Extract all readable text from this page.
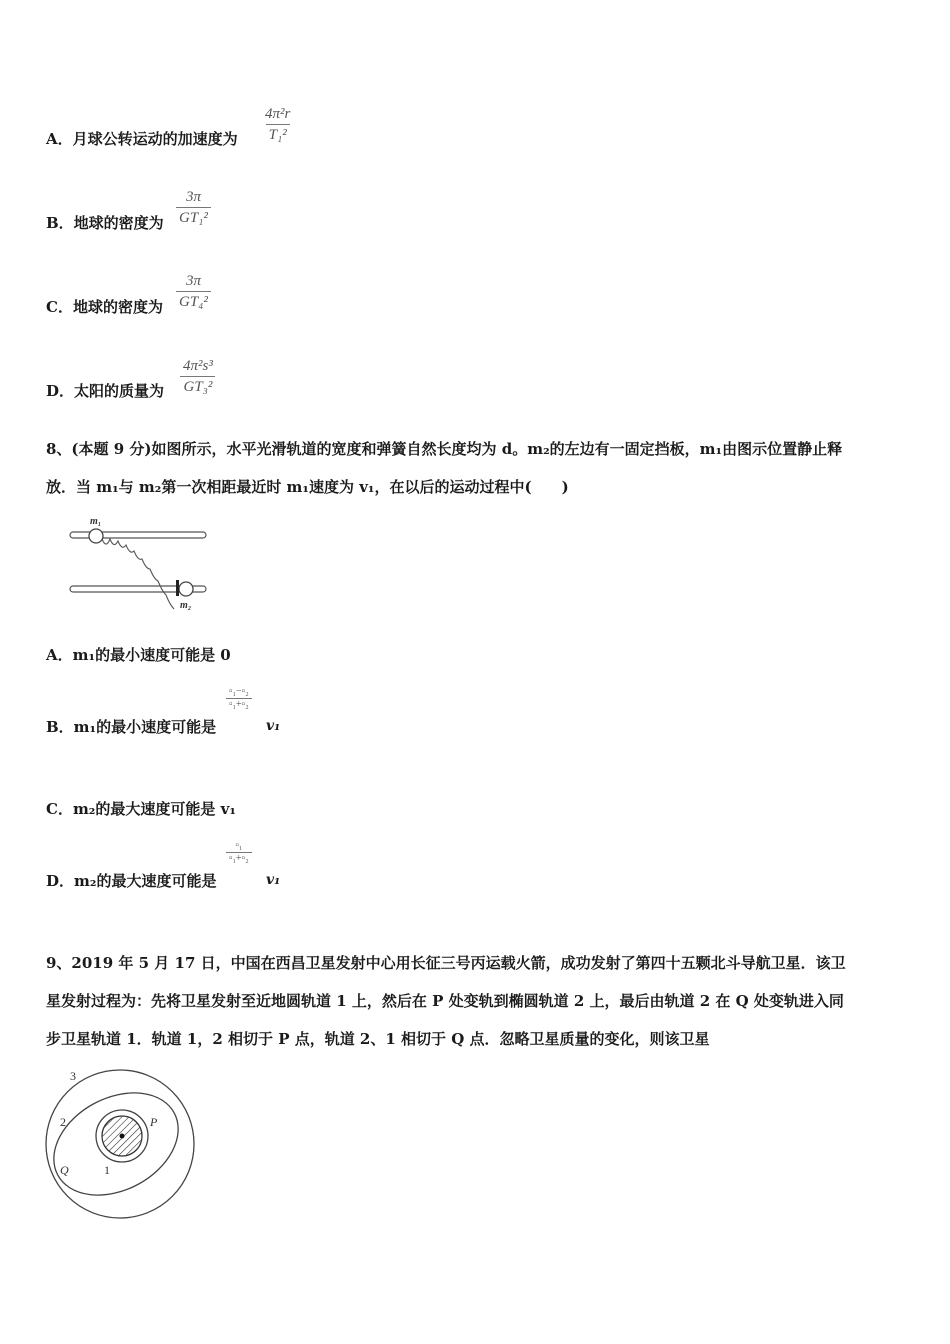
A．月球公转运动的加速度为 $\frac{\text{4π²r}}{\text{T₁²}}$
B．地球的密度为 $\frac{3\pi}{\text{GT₁²}}$
C．地球的密度为 $\frac{3\pi}{\text{GT₄²}}$
D．太阳的质量为 $\frac{\text{4π²s³}}{\text{GT₃²}}$
8、(本题 9 分)如图所示，水平光滑轨道的宽度和弹簧自然长度均为 d。m₂的左边有一固定挡板，m₁由图示位置静止释
放．当 m₁与 m₂第一次相距最近时 m₁速度为 v₁，在以后的运动过程中(　　)
m₁
m₂
A．m₁的最小速度可能是 0
B．m₁的最小速度可能是
▫₁−▫₂
▫₁+▫₂
v₁
C．m₂的最大速度可能是 v₁
D．m₂的最大速度可能是
▫₁
▫₁+▫₂
v₁
9、2019 年 5 月 17 日，中国在西昌卫星发射中心用长征三号丙运载火箭，成功发射了第四十五颗北斗导航卫星．该卫
星发射过程为：先将卫星发射至近地圆轨道 1 上，然后在 P 处变轨到椭圆轨道 2 上，最后由轨道 2 在 Q 处变轨进入同
步卫星轨道 1．轨道 1，2 相切于 P 点，轨道 2、1 相切于 Q 点．忽略卫星质量的变化，则该卫星
3
2
1
P
Q
